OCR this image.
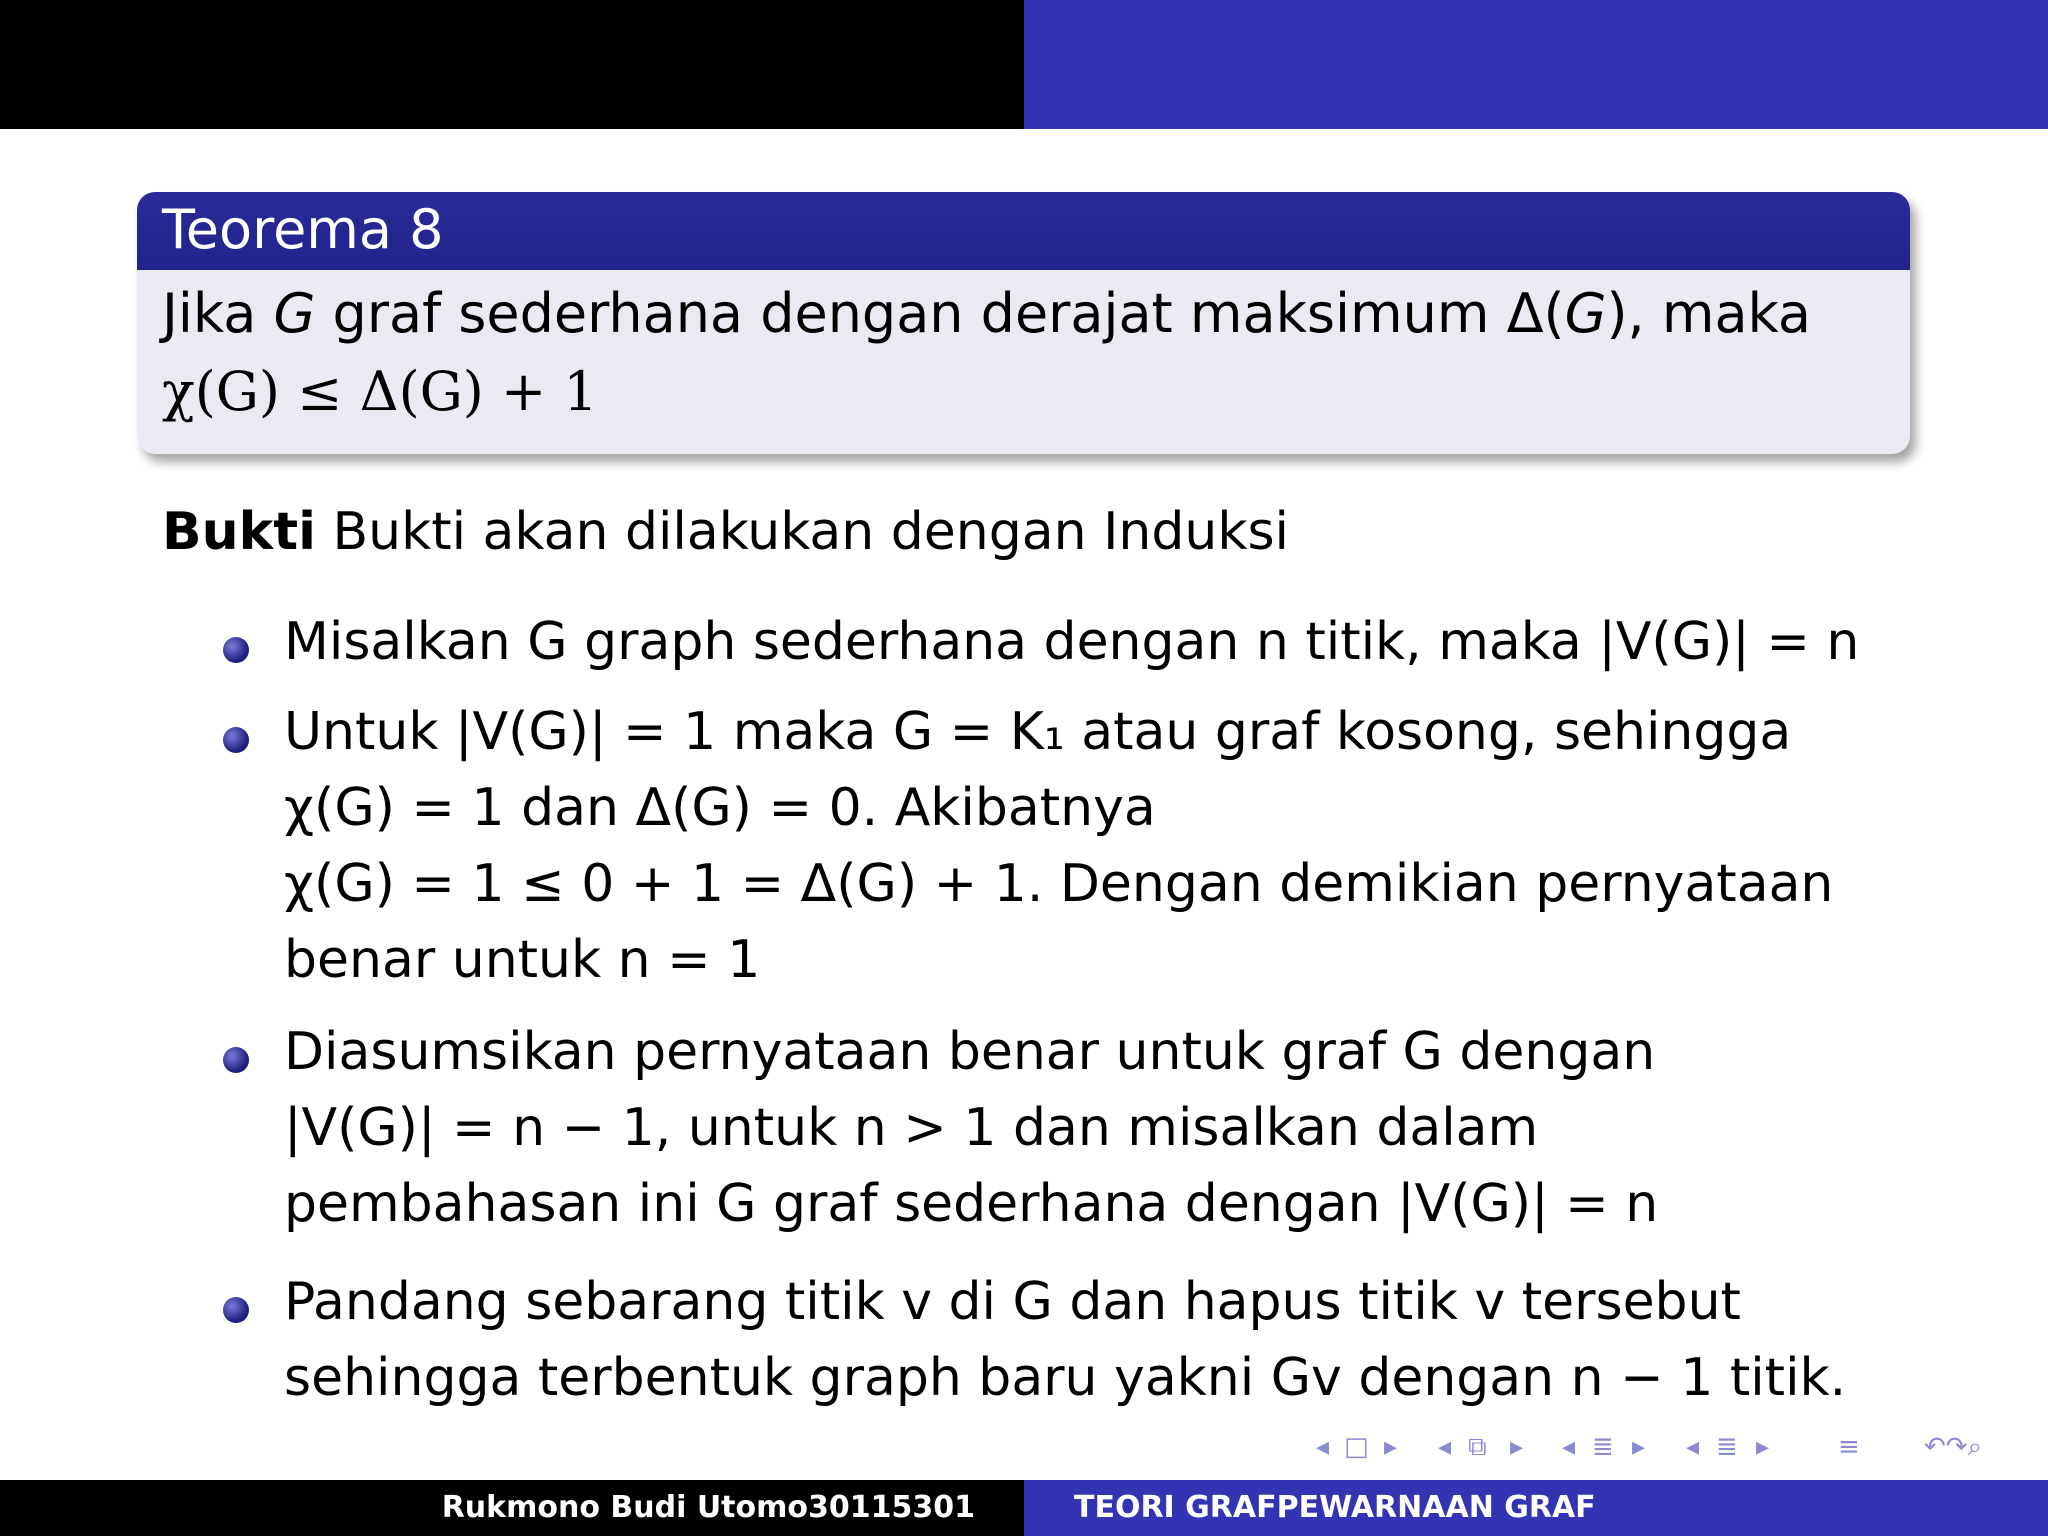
Teorema 8
Jika G graf sederhana dengan derajat maksimum Δ(G), maka
χ(G) ≤ Δ(G) + 1
Bukti Bukti akan dilakukan dengan Induksi
Misalkan G graph sederhana dengan n titik, maka |V(G)| = n
Untuk |V(G)| = 1 maka G = K₁ atau graf kosong, sehingga
χ(G) = 1 dan Δ(G) = 0. Akibatnya
χ(G) = 1 ≤ 0 + 1 = Δ(G) + 1. Dengan demikian pernyataan
benar untuk n = 1
Diasumsikan pernyataan benar untuk graf G dengan
|V(G)| = n − 1, untuk n > 1 dan misalkan dalam
pembahasan ini G graf sederhana dengan |V(G)| = n
Pandang sebarang titik v di G dan hapus titik v tersebut
sehingga terbentuk graph baru yakni Gv dengan n − 1 titik.
◂ □ ▸ ◂ ⧉ ▸ ◂ ≣ ▸ ◂ ≣ ▸	≡ ↶↷⌕
Rukmono Budi Utomo30115301	TEORI GRAFPEWARNAAN GRAF
